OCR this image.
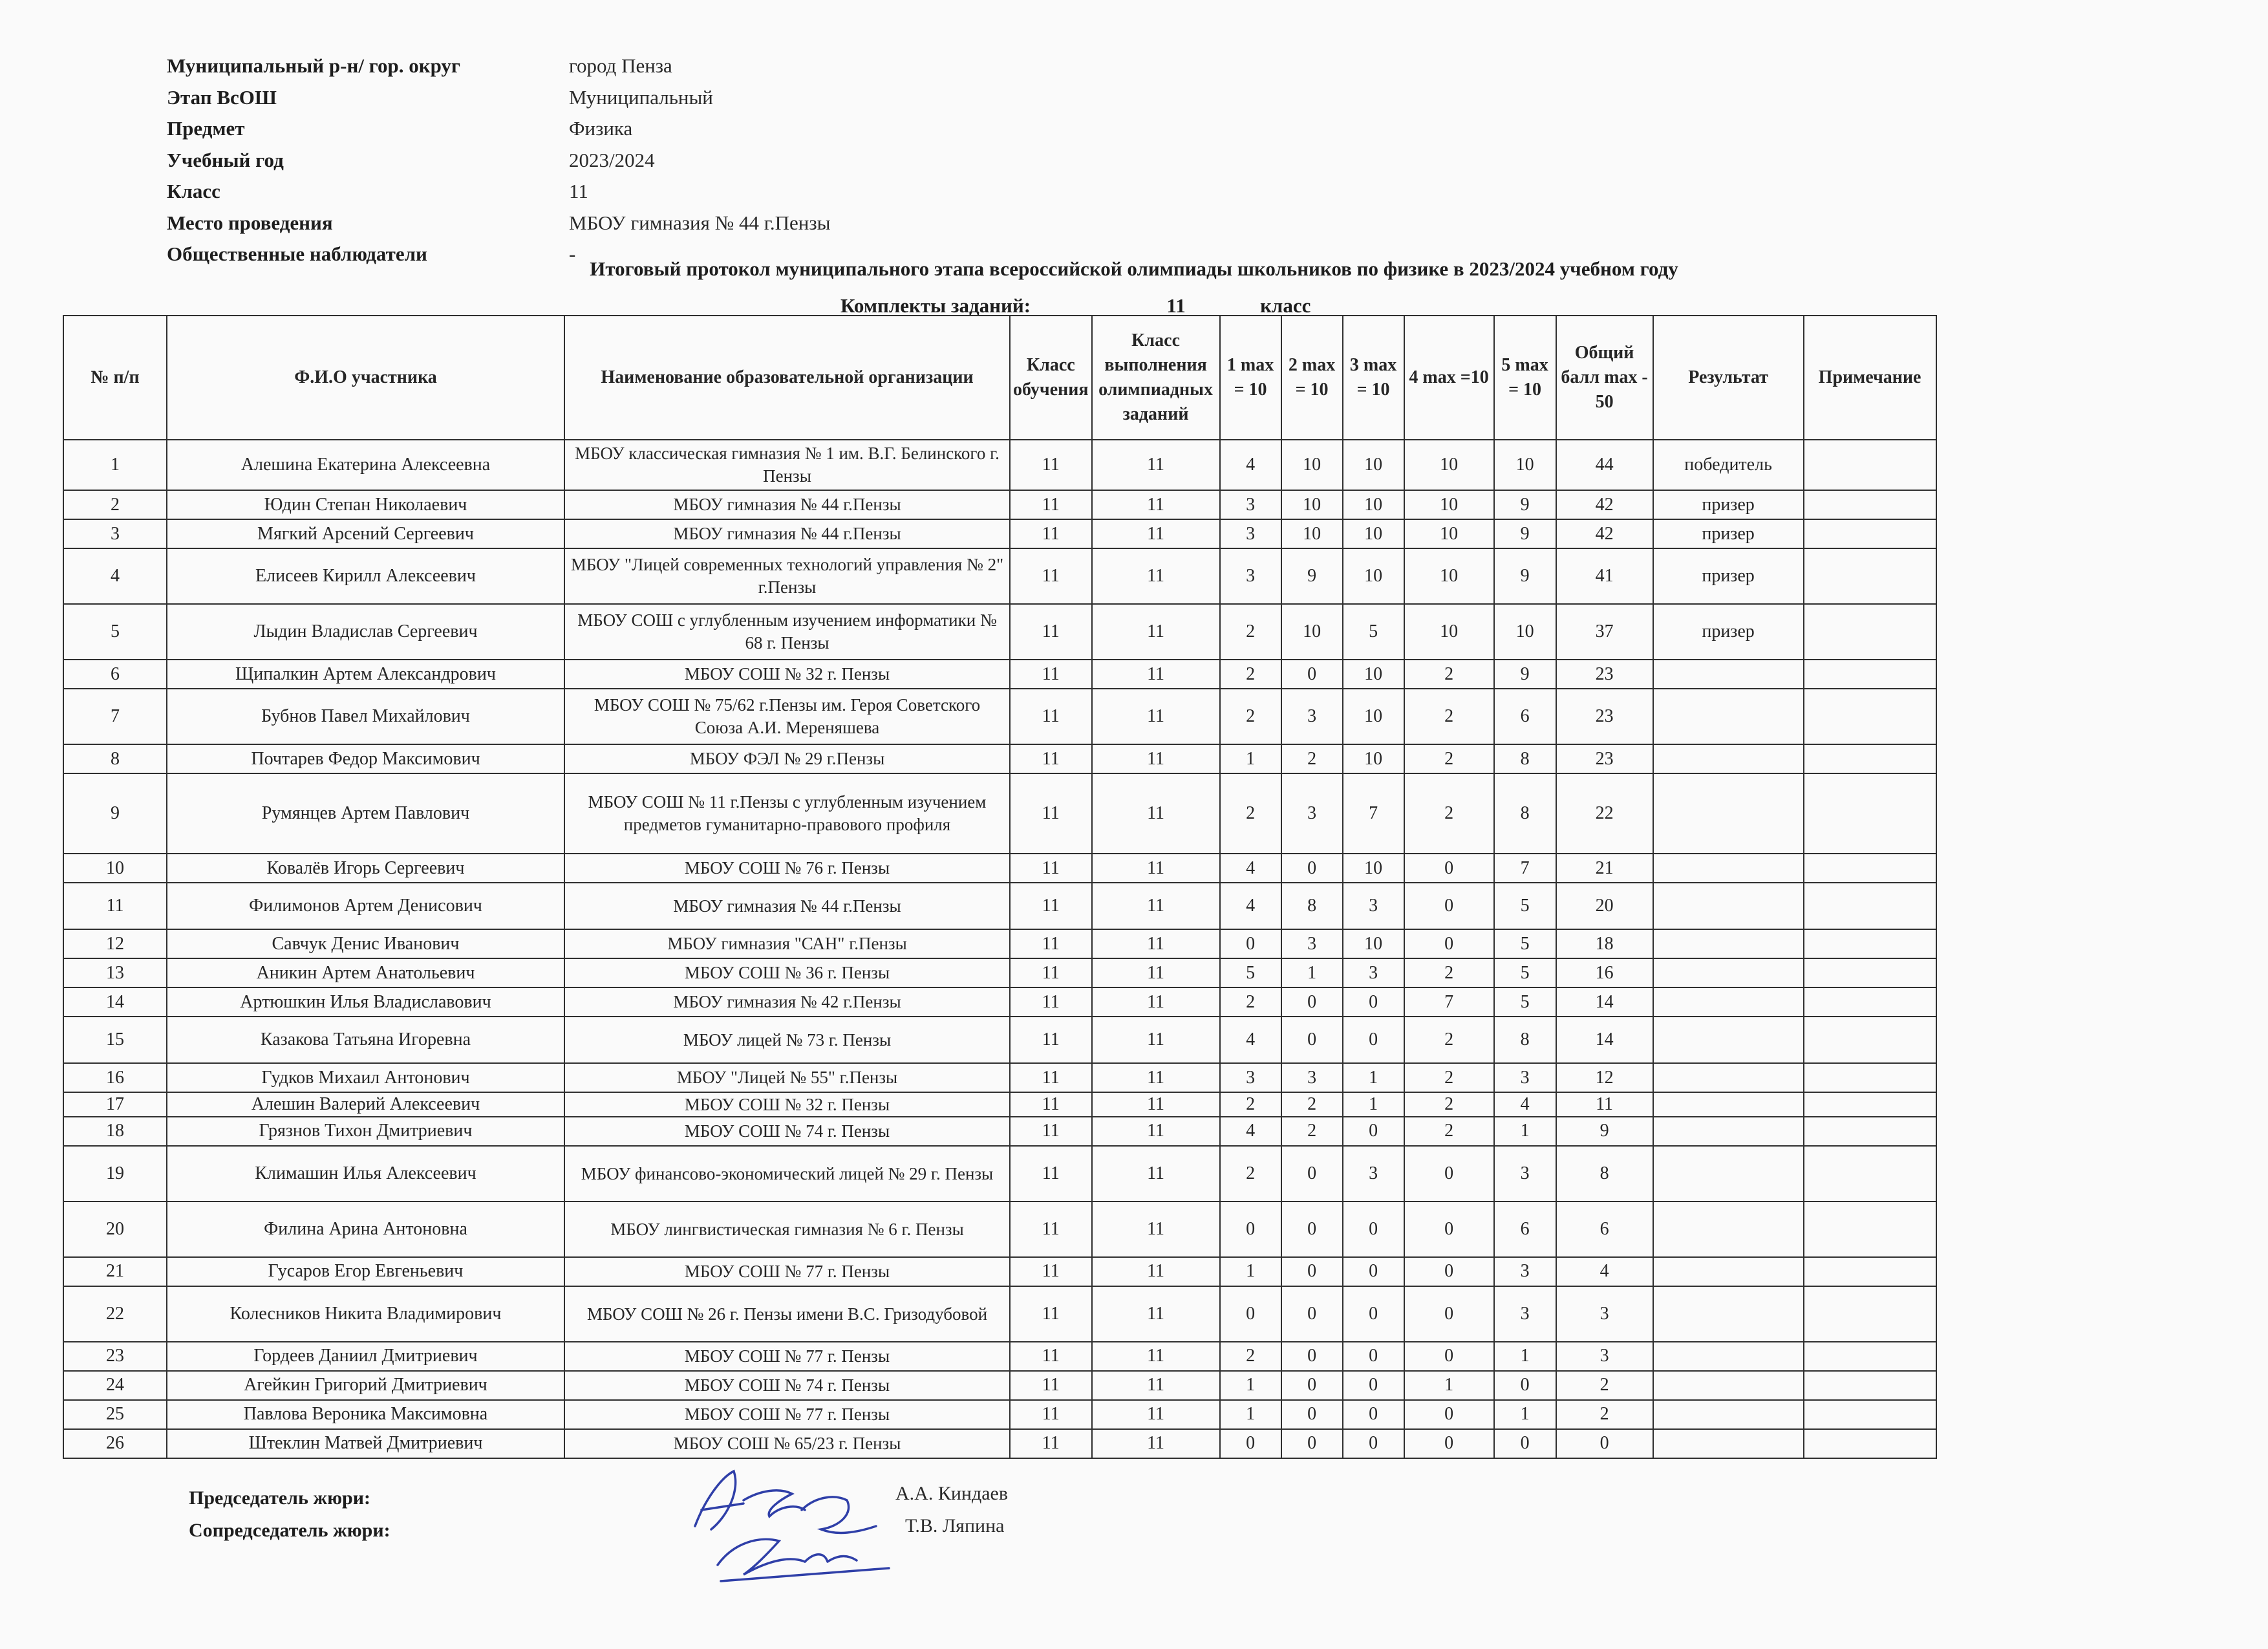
Муниципальный р-н/ гор. округ	город Пенза
Этап ВсОШ	Муниципальный
Предмет	Физика
Учебный год	2023/2024
Класс	11
Место проведения	МБОУ гимназия № 44 г.Пензы
Общественные наблюдатели	-
Итоговый протокол муниципального этапа всероссийской олимпиады школьников по физике в 2023/2024 учебном году
Комплекты заданий:	11	класс
№ п/п	Ф.И.О участника	Наименование образовательной организации	Класс обучения	Класс выполнения олимпиадных заданий	1 max = 10	2 max = 10	3 max = 10	4 max =10	5 max = 10	Общий балл max - 50	Результат	Примечание
1	Алешина Екатерина Алексеевна	МБОУ классическая гимназия № 1 им. В.Г. Белинского г. Пензы	11	11	4	10	10	10	10	44	победитель	
2	Юдин Степан Николаевич	МБОУ гимназия № 44 г.Пензы	11	11	3	10	10	10	9	42	призер	
3	Мягкий Арсений Сергеевич	МБОУ гимназия № 44 г.Пензы	11	11	3	10	10	10	9	42	призер	
4	Елисеев Кирилл Алексеевич	МБОУ "Лицей современных технологий управления № 2" г.Пензы	11	11	3	9	10	10	9	41	призер	
5	Лыдин Владислав Сергеевич	МБОУ СОШ с углубленным изучением информатики № 68 г. Пензы	11	11	2	10	5	10	10	37	призер	
6	Щипалкин Артем Александрович	МБОУ СОШ № 32 г. Пензы	11	11	2	0	10	2	9	23		
7	Бубнов Павел Михайлович	МБОУ СОШ № 75/62 г.Пензы им. Героя Советского Союза А.И. Мереняшева	11	11	2	3	10	2	6	23		
8	Почтарев Федор Максимович	МБОУ ФЭЛ № 29 г.Пензы	11	11	1	2	10	2	8	23		
9	Румянцев Артем Павлович	МБОУ СОШ № 11 г.Пензы с углубленным изучением предметов гуманитарно-правового профиля	11	11	2	3	7	2	8	22		
10	Ковалёв Игорь Сергеевич	МБОУ СОШ № 76 г. Пензы	11	11	4	0	10	0	7	21		
11	Филимонов Артем Денисович	МБОУ гимназия № 44 г.Пензы	11	11	4	8	3	0	5	20		
12	Савчук Денис Иванович	МБОУ гимназия "САН" г.Пензы	11	11	0	3	10	0	5	18		
13	Аникин Артем Анатольевич	МБОУ СОШ № 36 г. Пензы	11	11	5	1	3	2	5	16		
14	Артюшкин Илья Владиславович	МБОУ гимназия № 42 г.Пензы	11	11	2	0	0	7	5	14		
15	Казакова Татьяна Игоревна	МБОУ лицей № 73 г. Пензы	11	11	4	0	0	2	8	14		
16	Гудков Михаил Антонович	МБОУ "Лицей № 55" г.Пензы	11	11	3	3	1	2	3	12		
17	Алешин Валерий Алексеевич	МБОУ СОШ № 32 г. Пензы	11	11	2	2	1	2	4	11		
18	Грязнов Тихон Дмитриевич	МБОУ СОШ № 74 г. Пензы	11	11	4	2	0	2	1	9		
19	Климашин Илья Алексеевич	МБОУ финансово-экономический лицей № 29 г. Пензы	11	11	2	0	3	0	3	8		
20	Филина Арина Антоновна	МБОУ лингвистическая гимназия № 6 г. Пензы	11	11	0	0	0	0	6	6		
21	Гусаров Егор Евгеньевич	МБОУ СОШ № 77 г. Пензы	11	11	1	0	0	0	3	4		
22	Колесников Никита Владимирович	МБОУ СОШ № 26 г. Пензы имени В.С. Гризодубовой	11	11	0	0	0	0	3	3		
23	Гордеев Даниил Дмитриевич	МБОУ СОШ № 77 г. Пензы	11	11	2	0	0	0	1	3		
24	Агейкин Григорий Дмитриевич	МБОУ СОШ № 74 г. Пензы	11	11	1	0	0	1	0	2		
25	Павлова Вероника Максимовна	МБОУ СОШ № 77 г. Пензы	11	11	1	0	0	0	1	2		
26	Штеклин Матвей Дмитриевич	МБОУ СОШ № 65/23 г. Пензы	11	11	0	0	0	0	0	0		
Председатель жюри:	А.А. Киндаев
Сопредседатель жюри:	Т.В. Ляпина
